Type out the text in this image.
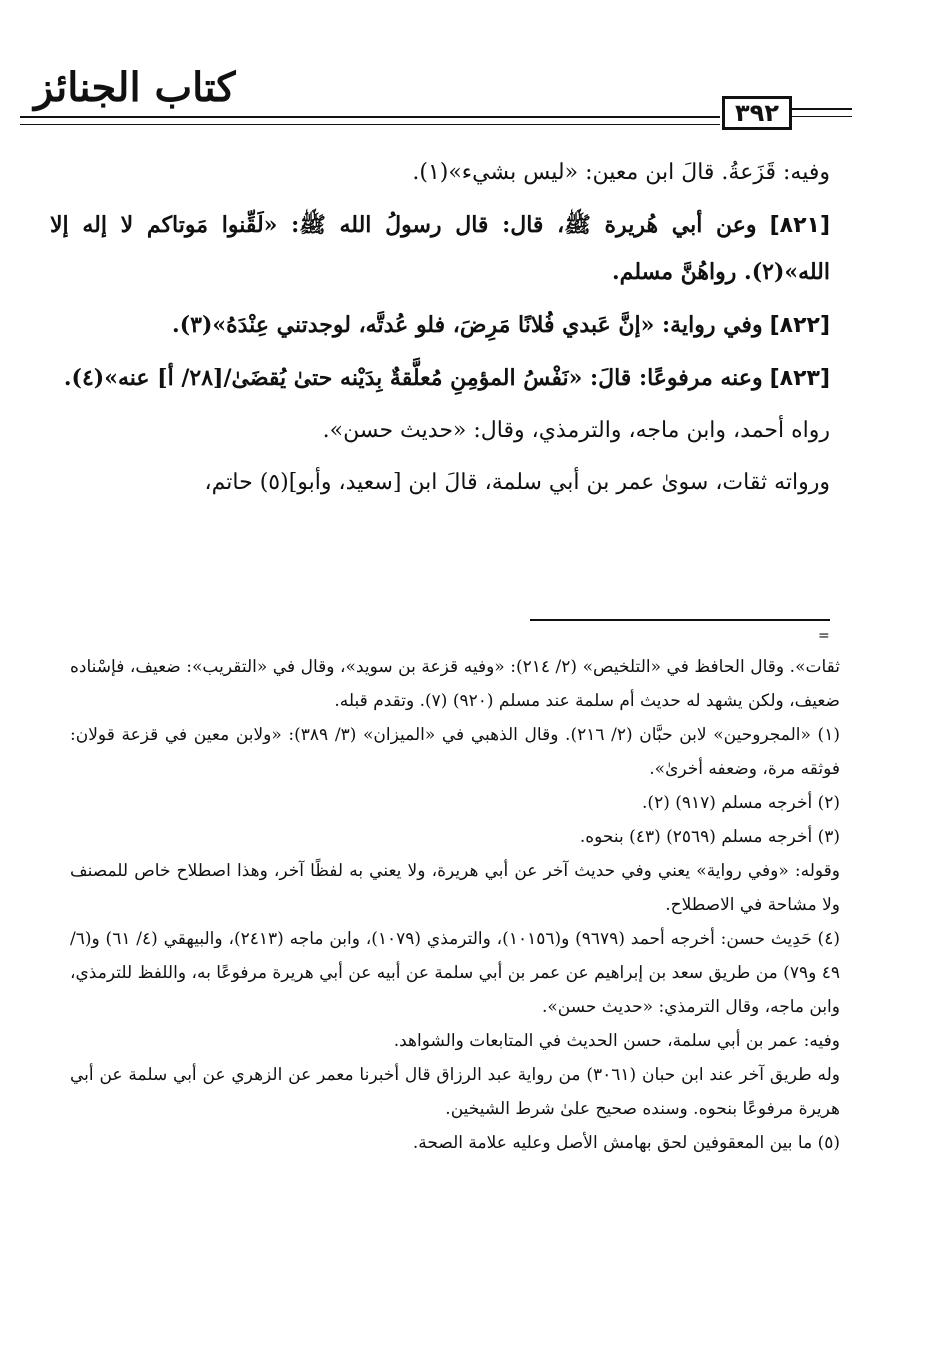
كتاب الجنائز
٣٩٢

وفيه: قَزَعةُ. قالَ ابن معين: «ليس بشيء»(١).

[٨٢١] وعن أبي هُريرة ﷺ، قال: قال رسولُ الله ﷺ: «لَقِّنوا مَوتاكم لا إله إلا الله»(٢). رواهُنَّ مسلم.

[٨٢٢] وفي رواية: «إنَّ عَبدي فُلانًا مَرِضَ، فلو عُدتَّه، لوجدتني عِنْدَهُ»(٣).

[٨٢٣] وعنه مرفوعًا: قالَ: «نَفْسُ المؤمِنِ مُعلَّقةٌ بِدَيْنه حتىٰ يُقضَىٰ/[٢٨/ أ] عنه»(٤).

رواه أحمد، وابن ماجه، والترمذي، وقال: «حديث حسن».

ورواته ثقات، سوىٰ عمر بن أبي سلمة، قالَ ابن [سعيد، وأبو](٥) حاتم،

=

ثقات». وقال الحافظ في «التلخيص» (٢/ ٢١٤): «وفيه قزعة بن سويد»، وقال في «التقريب»: ضعيف، فإسْناده ضعيف، ولكن يشهد له حديث أم سلمة عند مسلم (٩٢٠) (٧). وتقدم قبله.

(١) «المجروحين» لابن حبَّان (٢/ ٢١٦). وقال الذهبي في «الميزان» (٣/ ٣٨٩): «ولابن معين في قزعة قولان: فوثقه مرة، وضعفه أخرىٰ».

(٢) أخرجه مسلم (٩١٧) (٢).

(٣) أخرجه مسلم (٢٥٦٩) (٤٣) بنحوه.

وقوله: «وفي رواية» يعني وفي حديث آخر عن أبي هريرة، ولا يعني به لفظًا آخر، وهذا اصطلاح خاص للمصنف ولا مشاحة في الاصطلاح.

(٤) حَدِيث حسن: أخرجه أحمد (٩٦٧٩) و(١٠١٥٦)، والترمذي (١٠٧٩)، وابن ماجه (٢٤١٣)، والبيهقي (٤/ ٦١) و(٦/ ٤٩ و٧٩) من طريق سعد بن إبراهيم عن عمر بن أبي سلمة عن أبيه عن أبي هريرة مرفوعًا به، واللفظ للترمذي، وابن ماجه، وقال الترمذي: «حديث حسن».

وفيه: عمر بن أبي سلمة، حسن الحديث في المتابعات والشواهد.

وله طريق آخر عند ابن حبان (٣٠٦١) من رواية عبد الرزاق قال أخبرنا معمر عن الزهري عن أبي سلمة عن أبي هريرة مرفوعًا بنحوه. وسنده صحيح علىٰ شرط الشيخين.

(٥) ما بين المعقوفين لحق بهامش الأصل وعليه علامة الصحة.
